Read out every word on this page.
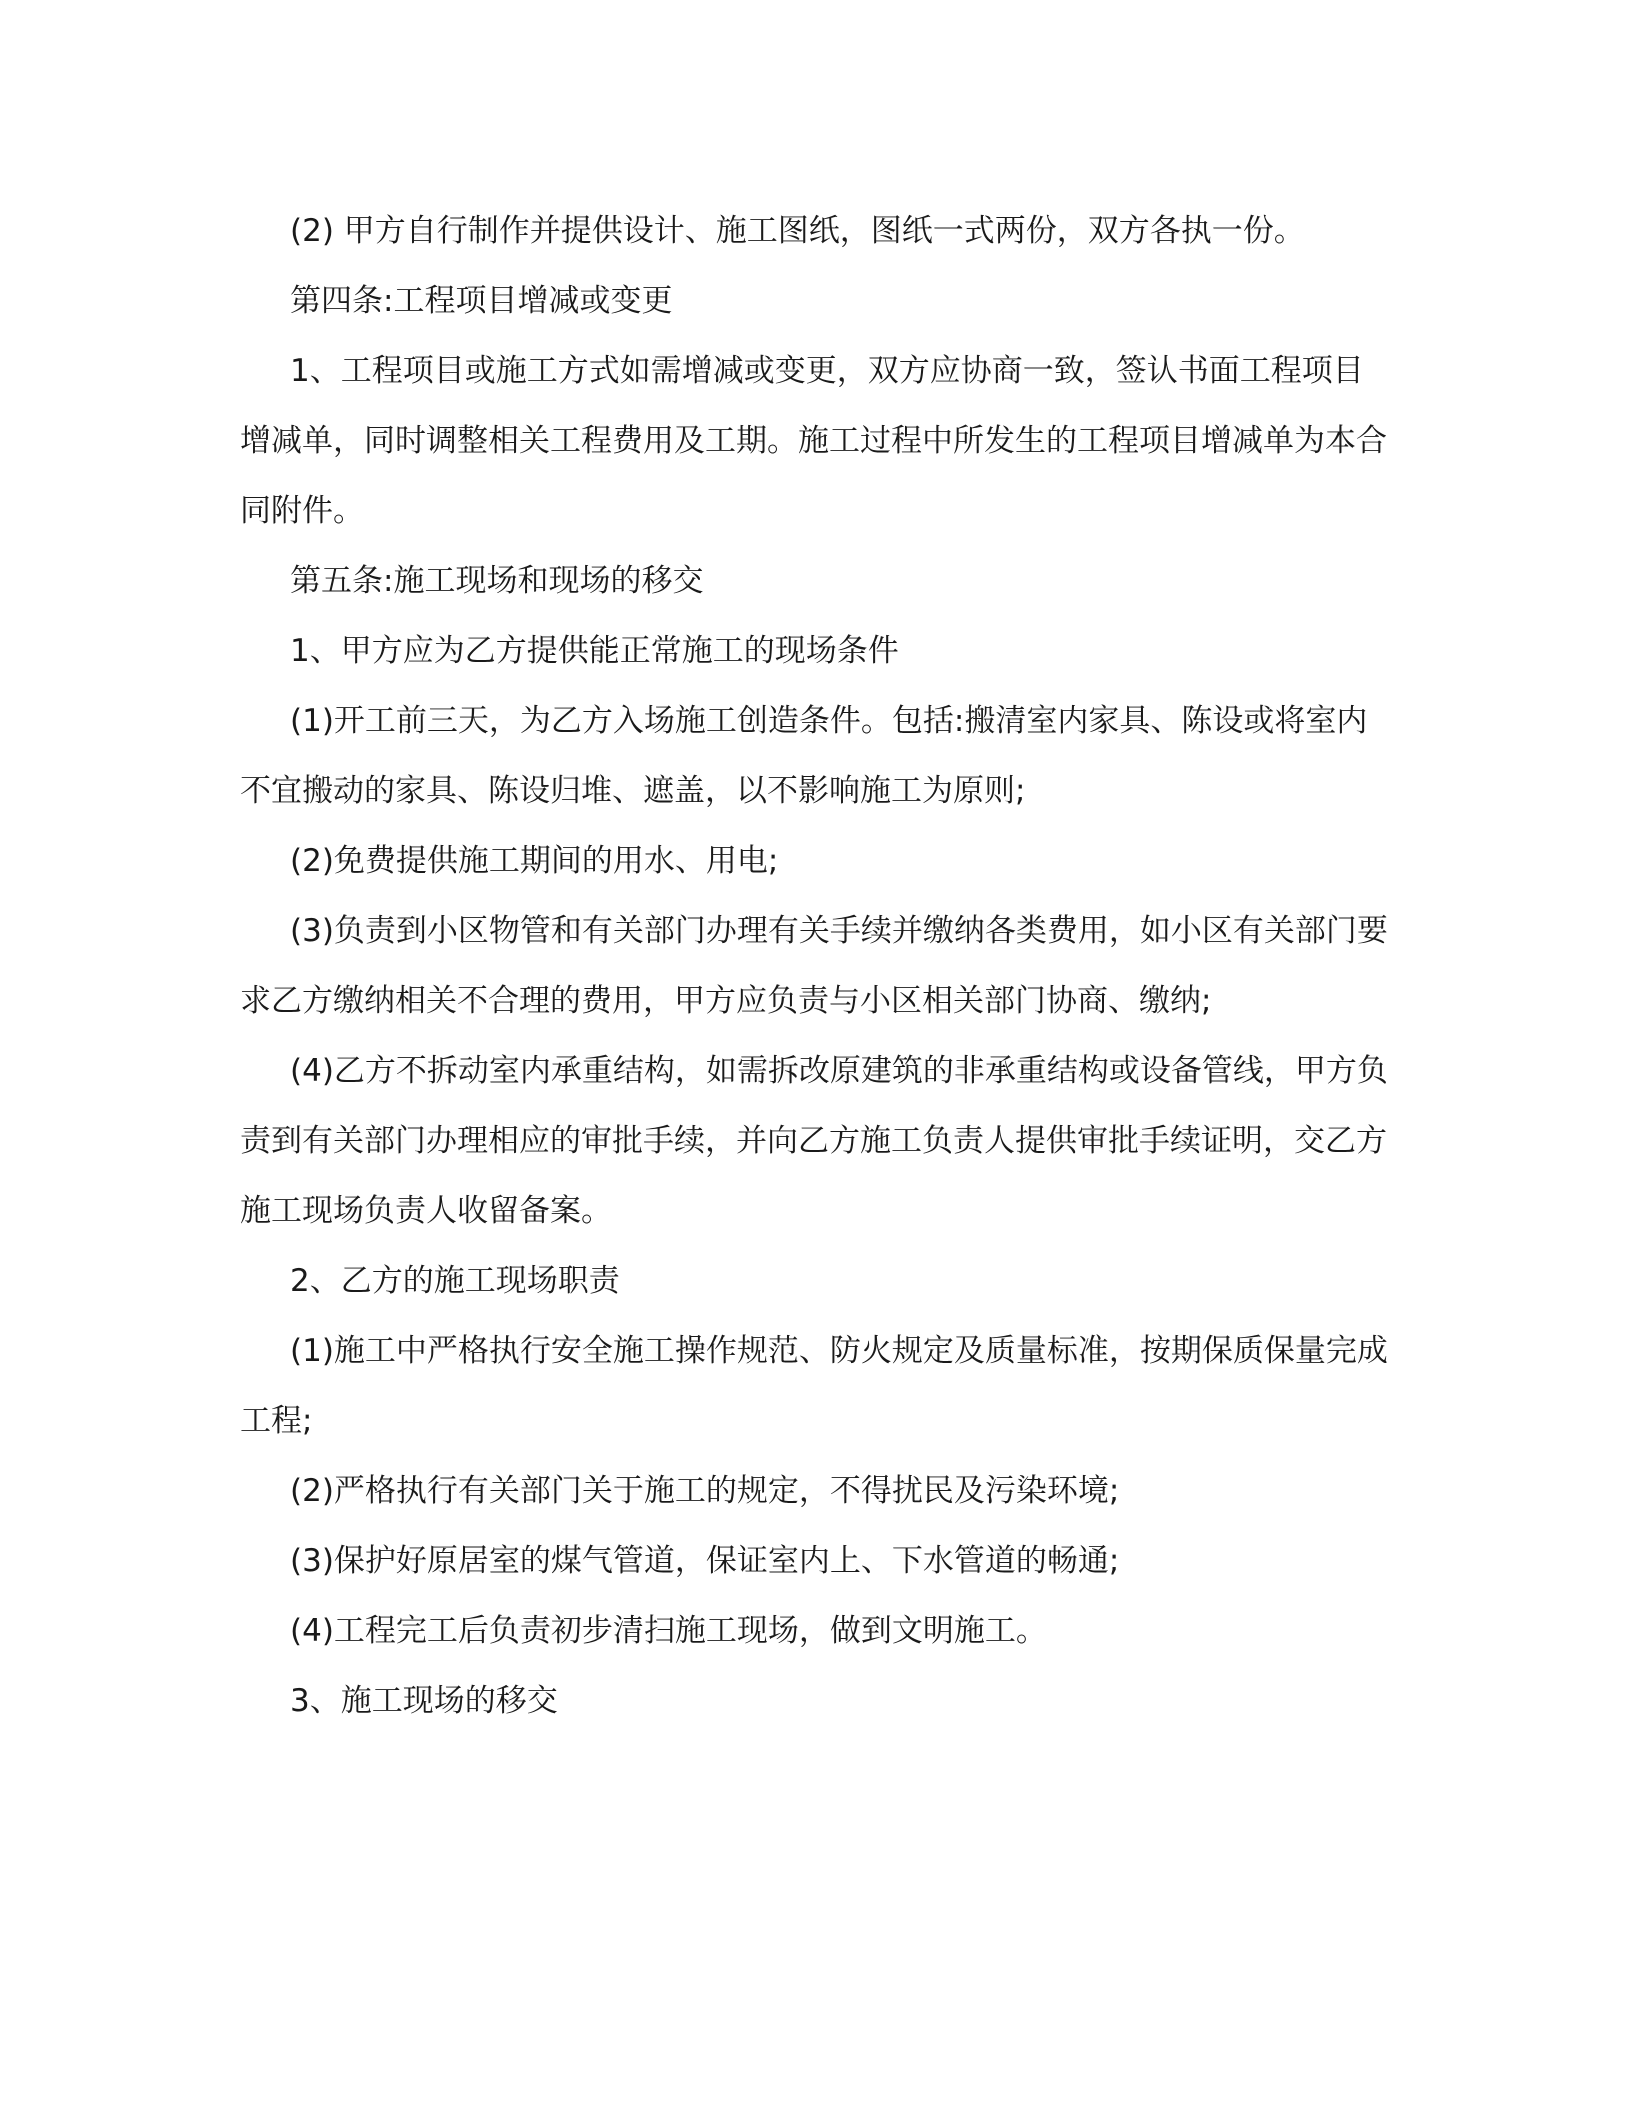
(2) 甲方自行制作并提供设计、施工图纸，图纸一式两份，双方各执一份。

第四条:工程项目增减或变更

1、工程项目或施工方式如需增减或变更，双方应协商一致，签认书面工程项目增减单，同时调整相关工程费用及工期。施工过程中所发生的工程项目增减单为本合同附件。

第五条:施工现场和现场的移交

1、甲方应为乙方提供能正常施工的现场条件

(1)开工前三天，为乙方入场施工创造条件。包括:搬清室内家具、陈设或将室内不宜搬动的家具、陈设归堆、遮盖，以不影响施工为原则;

(2)免费提供施工期间的用水、用电;

(3)负责到小区物管和有关部门办理有关手续并缴纳各类费用，如小区有关部门要求乙方缴纳相关不合理的费用，甲方应负责与小区相关部门协商、缴纳;

(4)乙方不拆动室内承重结构，如需拆改原建筑的非承重结构或设备管线，甲方负责到有关部门办理相应的审批手续，并向乙方施工负责人提供审批手续证明，交乙方施工现场负责人收留备案。

2、乙方的施工现场职责

(1)施工中严格执行安全施工操作规范、防火规定及质量标准，按期保质保量完成工程;

(2)严格执行有关部门关于施工的规定，不得扰民及污染环境;

(3)保护好原居室的煤气管道，保证室内上、下水管道的畅通;

(4)工程完工后负责初步清扫施工现场，做到文明施工。

3、施工现场的移交
